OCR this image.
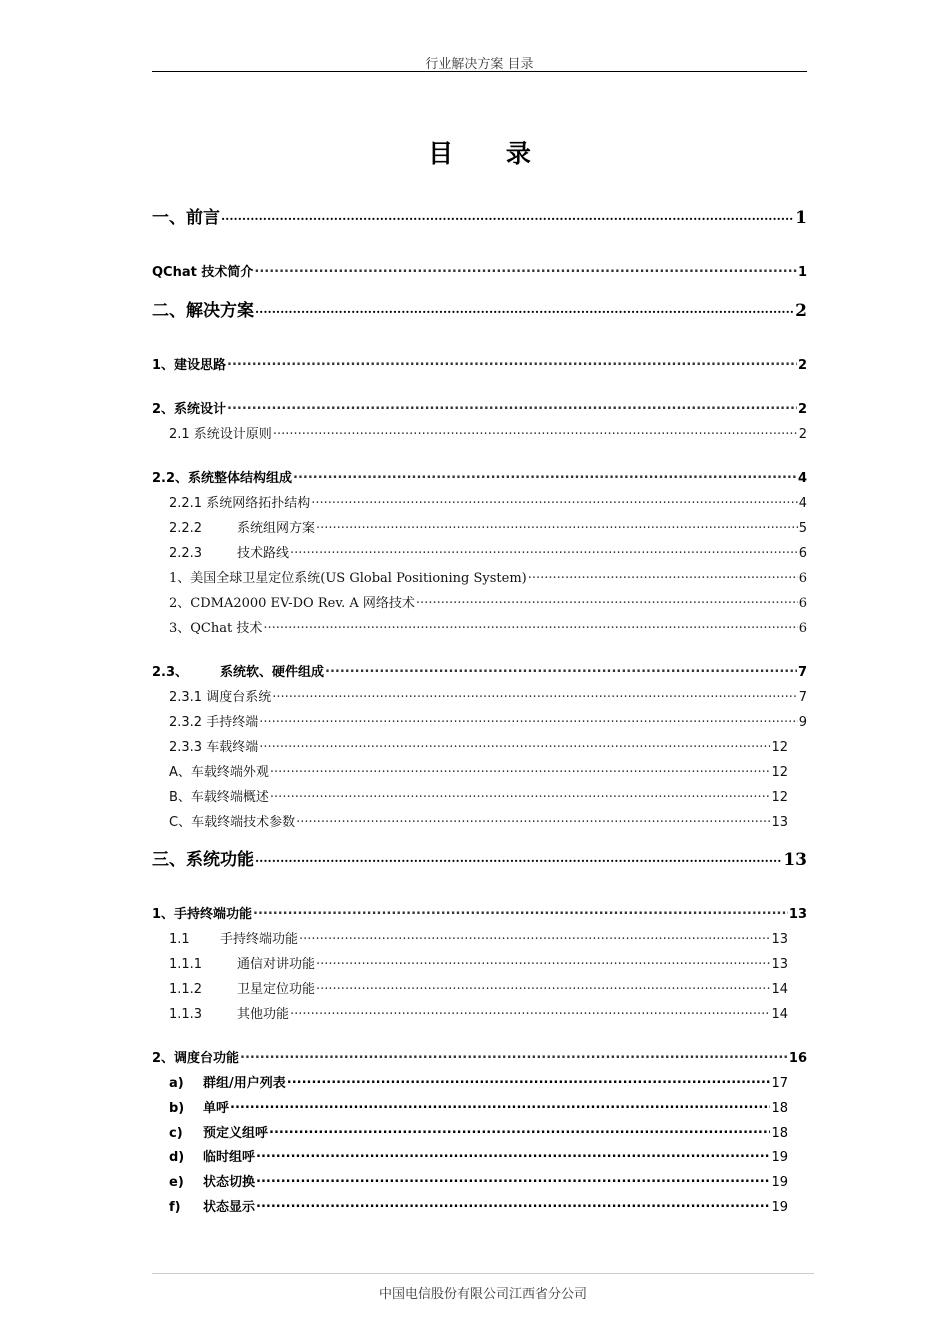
行业解决方案 目录
目 录
一、前言 .....	1
QChat 技术简介 .....	1
二、解决方案 .....	2
1、建设思路 .....	2
2、系统设计 .....	2
2.1 系统设计原则 .....	2
2.2、系统整体结构组成 .....	4
2.2.1 系统网络拓扑结构 .....	4
2.2.2	系统组网方案 .....	5
2.2.3	技术路线 .....	6
1、美国全球卫星定位系统(US Global Positioning System) .....	6
2、CDMA2000 EV-DO Rev. A 网络技术 .....	6
3、QChat 技术 .....	6
2.3、 系统软、硬件组成 .....	7
2.3.1 调度台系统 .....	7
2.3.2 手持终端 .....	9
2.3.3 车载终端 .....	12
A、车载终端外观 .....	12
B、车载终端概述 .....	12
C、车载终端技术参数 .....	13
三、系统功能 .....	13
1、手持终端功能 .....	13
1.1 手持终端功能 .....	13
1.1.1	通信对讲功能 .....	13
1.1.2	卫星定位功能 .....	14
1.1.3	其他功能 .....	14
2、调度台功能 .....	16
a) 群组/用户列表 .....	17
b) 单呼 .....	18
c) 预定义组呼 .....	18
d) 临时组呼 .....	19
e) 状态切换 .....	19
f) 状态显示 .....	19
中国电信股份有限公司江西省分公司
